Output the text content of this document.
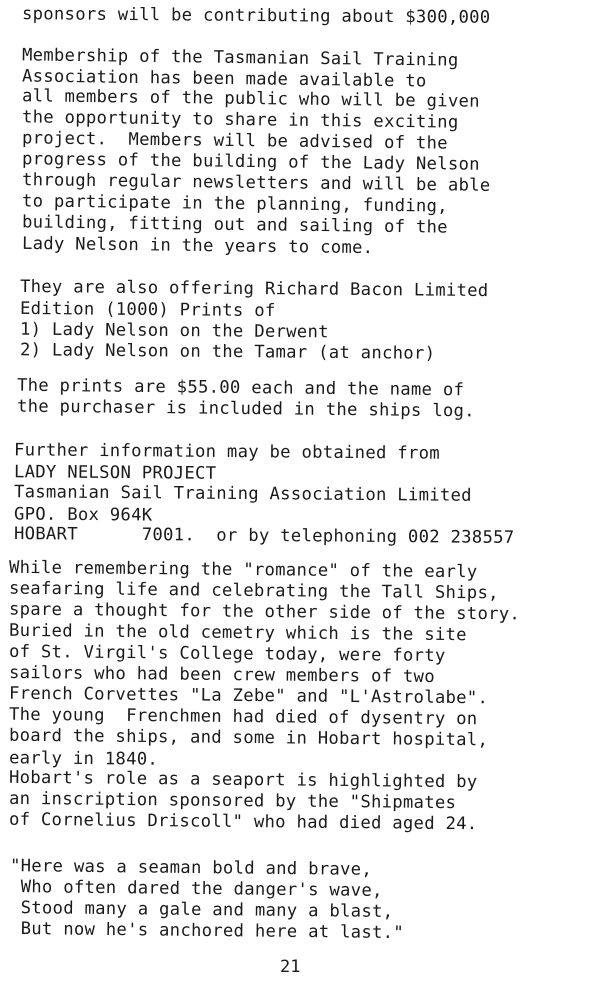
sponsors will be contributing about $300,000
Membership of the Tasmanian Sail Training
Association has been made available to
all members of the public who will be given
the opportunity to share in this exciting
project.  Members will be advised of the
progress of the building of the Lady Nelson
through regular newsletters and will be able
to participate in the planning, funding,
building, fitting out and sailing of the
Lady Nelson in the years to come.
They are also offering Richard Bacon Limited
Edition (1000) Prints of
1) Lady Nelson on the Derwent
2) Lady Nelson on the Tamar (at anchor)
The prints are $55.00 each and the name of
the purchaser is included in the ships log.
Further information may be obtained from
LADY NELSON PROJECT
Tasmanian Sail Training Association Limited
GPO. Box 964K
HOBART      7001.  or by telephoning 002 238557
While remembering the "romance" of the early
seafaring life and celebrating the Tall Ships,
spare a thought for the other side of the story.
Buried in the old cemetry which is the site
of St. Virgil's College today, were forty
sailors who had been crew members of two
French Corvettes "La Zebe" and "L'Astrolabe".
The young  Frenchmen had died of dysentry on
board the ships, and some in Hobart hospital,
early in 1840.
Hobart's role as a seaport is highlighted by
an inscription sponsored by the "Shipmates
of Cornelius Driscoll" who had died aged 24.
"Here was a seaman bold and brave,
Who often dared the danger's wave,
Stood many a gale and many a blast,
But now he's anchored here at last."
21
